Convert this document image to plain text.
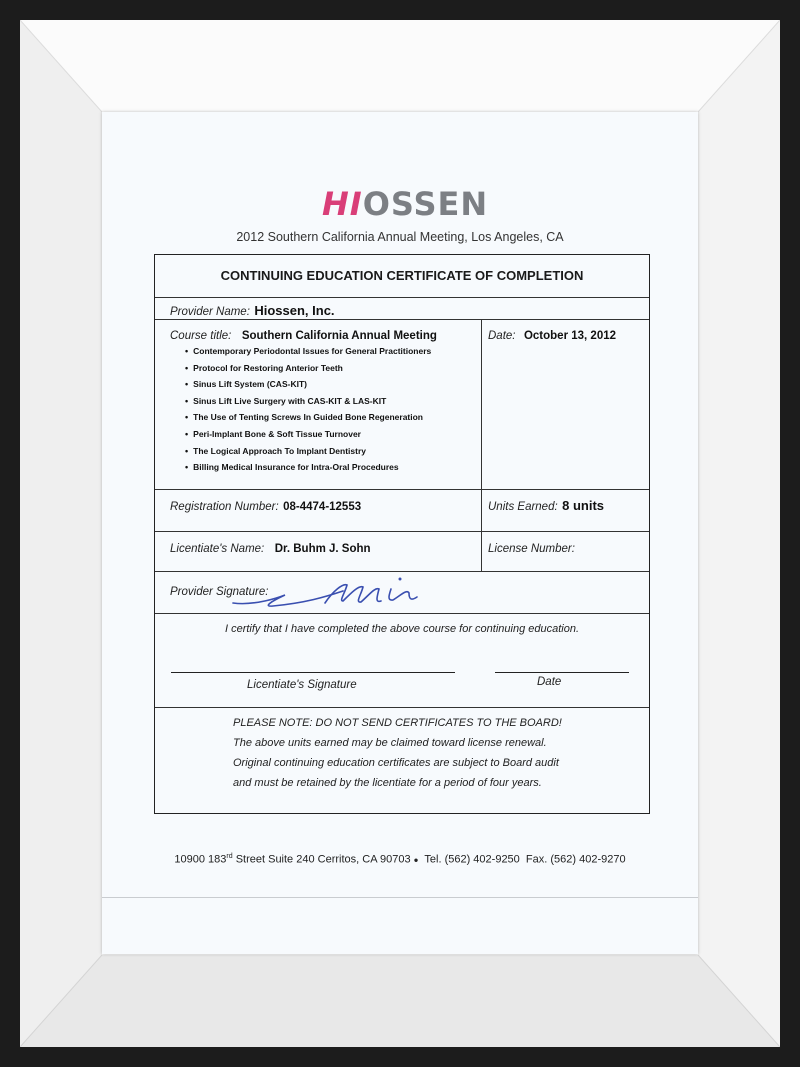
HIOSSEN
2012 Southern California Annual Meeting, Los Angeles, CA
CONTINUING EDUCATION CERTIFICATE OF COMPLETION
Provider Name: Hiossen, Inc.
Course title: Southern California Annual Meeting
• Contemporary Periodontal Issues for General Practitioners
• Protocol for Restoring Anterior Teeth
• Sinus Lift System (CAS-KIT)
• Sinus Lift Live Surgery with CAS-KIT & LAS-KIT
• The Use of Tenting Screws In Guided Bone Regeneration
• Peri-Implant Bone & Soft Tissue Turnover
• The Logical Approach To Implant Dentistry
• Billing Medical Insurance for Intra-Oral Procedures
Date: October 13, 2012
Registration Number: 08-4474-12553	Units Earned: 8 units
Licentiate's Name: Dr. Buhm J. Sohn	License Number:
Provider Signature:
I certify that I have completed the above course for continuing education.
Licentiate's Signature	Date
PLEASE NOTE: DO NOT SEND CERTIFICATES TO THE BOARD!
The above units earned may be claimed toward license renewal.
Original continuing education certificates are subject to Board audit
and must be retained by the licentiate for a period of four years.
10900 183rd Street Suite 240 Cerritos, CA 90703 ●  Tel. (562) 402-9250  Fax. (562) 402-9270
